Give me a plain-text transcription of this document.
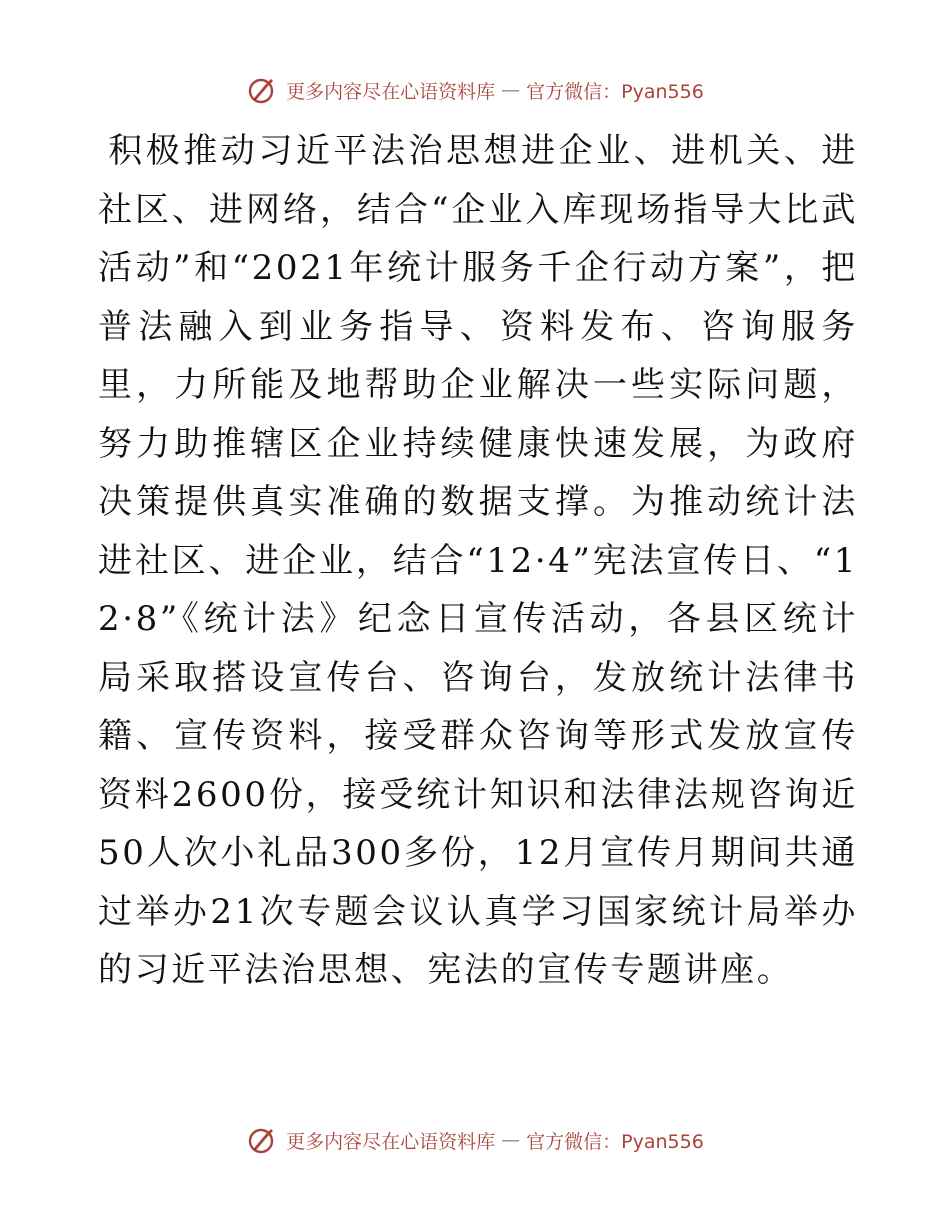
更多内容尽在心语资料库 — 官方微信：Pyan556

积极推动习近平法治思想进企业、进机关、进社区、进网络，结合“企业入库现场指导大比武活动”和“2021年统计服务千企行动方案”，把普法融入到业务指导、资料发布、咨询服务里，力所能及地帮助企业解决一些实际问题，努力助推辖区企业持续健康快速发展，为政府决策提供真实准确的数据支撑。为推动统计法进社区、进企业，结合“12·4”宪法宣传日、“12·8”《统计法》纪念日宣传活动，各县区统计局采取搭设宣传台、咨询台，发放统计法律书籍、宣传资料，接受群众咨询等形式发放宣传资料2600份，接受统计知识和法律法规咨询近50人次小礼品300多份，12月宣传月期间共通过举办21次专题会议认真学习国家统计局举办的习近平法治思想、宪法的宣传专题讲座。

更多内容尽在心语资料库 — 官方微信：Pyan556
